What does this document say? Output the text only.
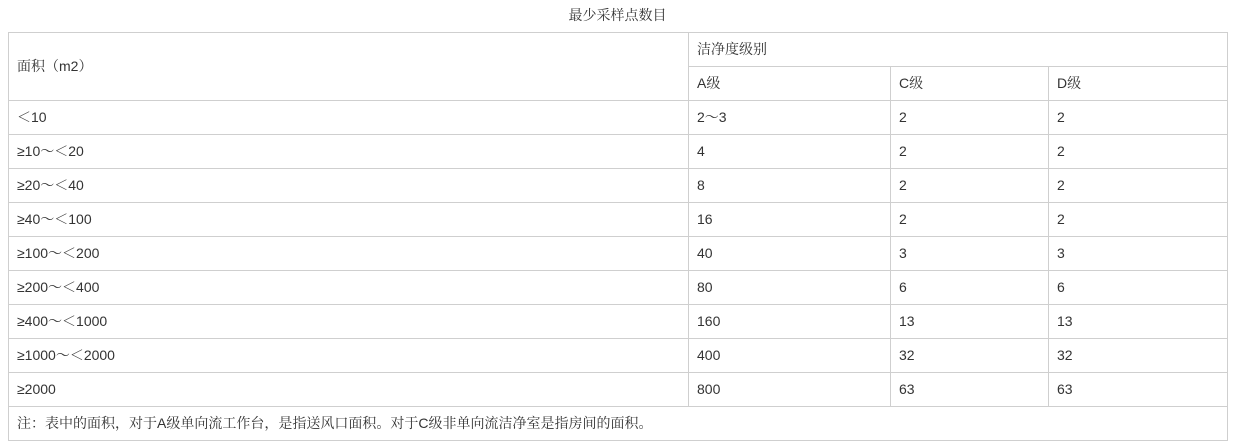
最少采样点数目
面积（m2）	洁净度级别		
	A级	C级	D级
＜10	2～3	2	2
≥10～＜20	4	2	2
≥20～＜40	8	2	2
≥40～＜100	16	2	2
≥100～＜200	40	3	3
≥200～＜400	80	6	6
≥400～＜1000	160	13	13
≥1000～＜2000	400	32	32
≥2000	800	63	63
注：表中的面积，对于A级单向流工作台，是指送风口面积。对于C级非单向流洁净室是指房间的面积。			
